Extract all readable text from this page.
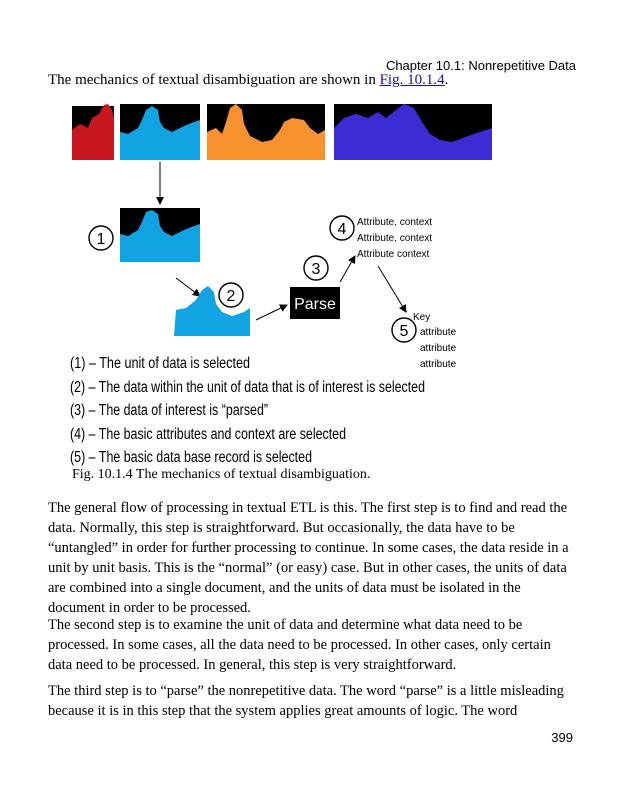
Chapter 10.1: Nonrepetitive Data
The mechanics of textual disambiguation are shown in Fig. 10.1.4.
1
2	Parse
3
4 Attribute, context
Attribute, context
Attribute context
5
Key
attribute
attribute
attribute
(1) – The unit of data is selected
(2) – The data within the unit of data that is of interest is selected
(3) – The data of interest is “parsed”
(4) – The basic attributes and context are selected
(5) – The basic data base record is selected
Fig. 10.1.4 The mechanics of textual disambiguation.

The general flow of processing in textual ETL is this. The first step is to find and read the data. Normally, this step is straightforward. But occasionally, the data have to be “untangled” in order for further processing to continue. In some cases, the data reside in a unit by unit basis. This is the “normal” (or easy) case. But in other cases, the units of data are combined into a single document, and the units of data must be isolated in the document in order to be processed.

The second step is to examine the unit of data and determine what data need to be processed. In some cases, all the data need to be processed. In other cases, only certain data need to be processed. In general, this step is very straightforward.

The third step is to “parse” the nonrepetitive data. The word “parse” is a little misleading because it is in this step that the system applies great amounts of logic. The word

399
